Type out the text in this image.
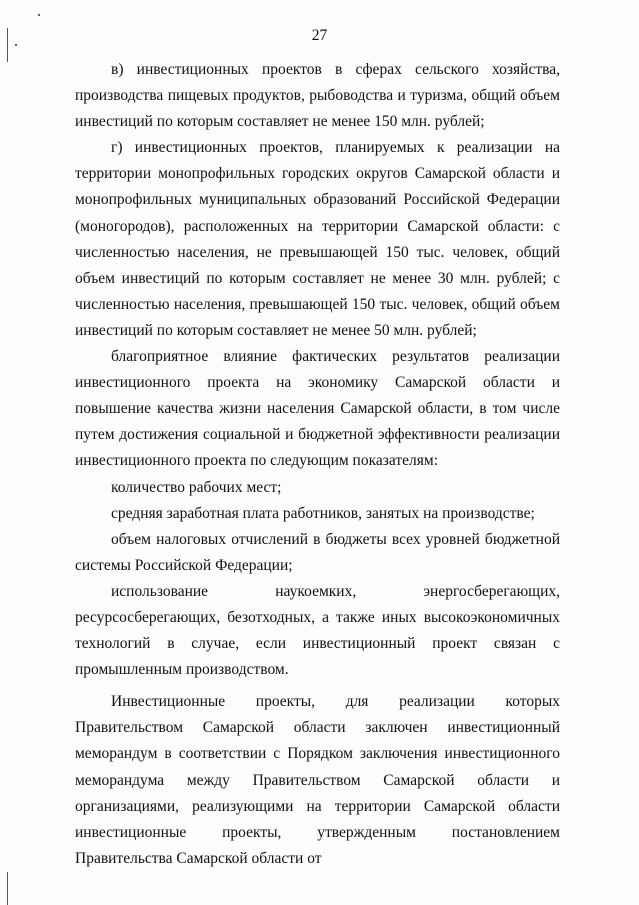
27

в) инвестиционных проектов в сферах сельского хозяйства, производства пищевых продуктов, рыбоводства и туризма, общий объем инвестиций по которым составляет не менее 150 млн. рублей;

г) инвестиционных проектов, планируемых к реализации на территории монопрофильных городских округов Самарской области и монопрофильных муниципальных образований Российской Федерации (моногородов), расположенных на территории Самарской области: с численностью населения, не превышающей 150 тыс. человек, общий объем инвестиций по которым составляет не менее 30 млн. рублей; с численностью населения, превышающей 150 тыс. человек, общий объем инвестиций по которым составляет не менее 50 млн. рублей;

благоприятное влияние фактических результатов реализации инвестиционного проекта на экономику Самарской области и повышение качества жизни населения Самарской области, в том числе путем достижения социальной и бюджетной эффективности реализации инвестиционного проекта по следующим показателям:

количество рабочих мест;

средняя заработная плата работников, занятых на производстве;

объем налоговых отчислений в бюджеты всех уровней бюджетной системы Российской Федерации;

использование наукоемких, энергосберегающих, ресурсосберегающих, безотходных, а также иных высокоэкономичных технологий в случае, если инвестиционный проект связан с промышленным производством.

Инвестиционные проекты, для реализации которых Правительством Самарской области заключен инвестиционный меморандум в соответствии с Порядком заключения инвестиционного меморандума между Правительством Самарской области и организациями, реализующими на территории Самарской области инвестиционные проекты, утвержденным постановлением Правительства Самарской области от
